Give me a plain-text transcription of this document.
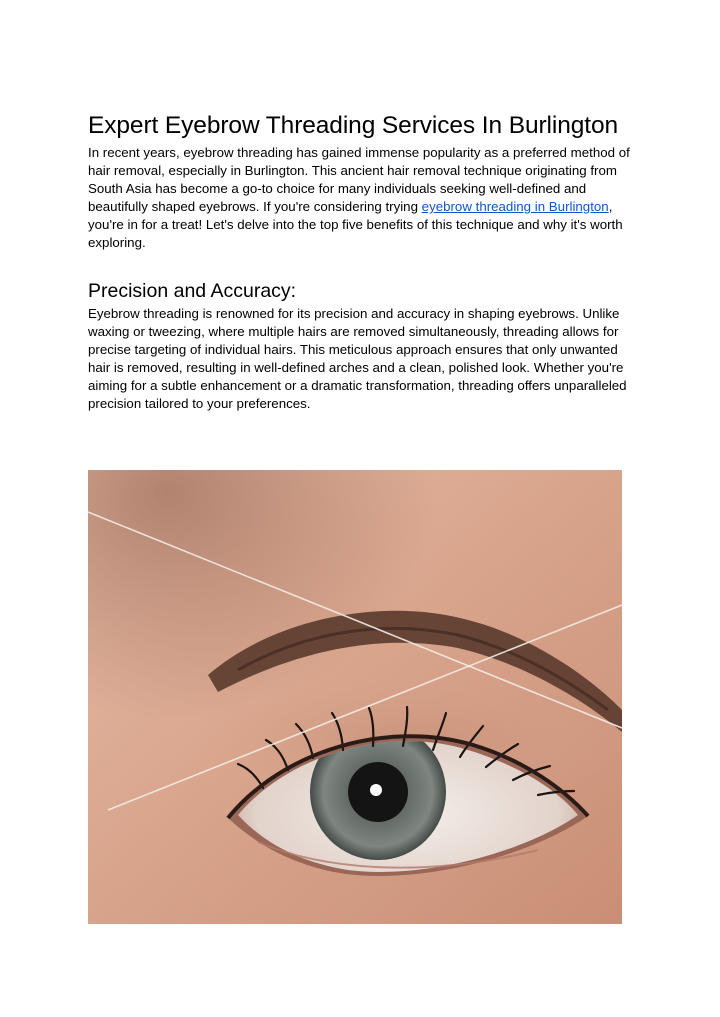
Expert Eyebrow Threading Services In Burlington

In recent years, eyebrow threading has gained immense popularity as a preferred method of hair removal, especially in Burlington. This ancient hair removal technique originating from South Asia has become a go-to choice for many individuals seeking well-defined and beautifully shaped eyebrows. If you're considering trying eyebrow threading in Burlington, you're in for a treat! Let's delve into the top five benefits of this technique and why it's worth exploring.

Precision and Accuracy:

Eyebrow threading is renowned for its precision and accuracy in shaping eyebrows. Unlike waxing or tweezing, where multiple hairs are removed simultaneously, threading allows for precise targeting of individual hairs. This meticulous approach ensures that only unwanted hair is removed, resulting in well-defined arches and a clean, polished look. Whether you're aiming for a subtle enhancement or a dramatic transformation, threading offers unparalleled precision tailored to your preferences.
